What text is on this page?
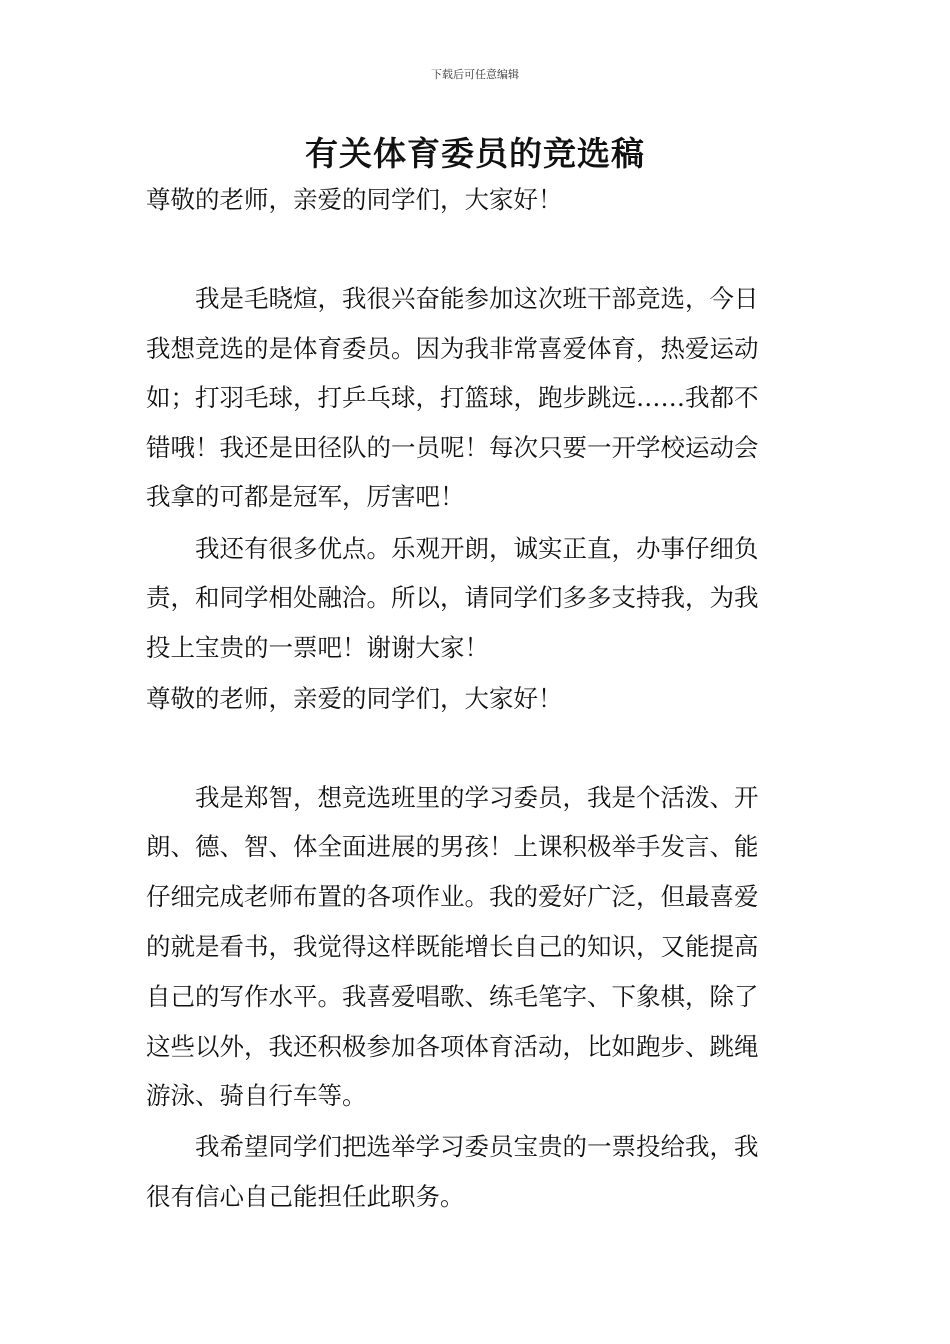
下载后可任意编辑
有关体育委员的竞选稿
尊敬的老师，亲爱的同学们，大家好！
　　我是毛晓煊，我很兴奋能参加这次班干部竞选，今日
我想竞选的是体育委员。因为我非常喜爱体育，热爱运动
如；打羽毛球，打乒乓球，打篮球，跑步跳远……我都不
错哦！我还是田径队的一员呢！每次只要一开学校运动会
我拿的可都是冠军，厉害吧！
　　我还有很多优点。乐观开朗，诚实正直，办事仔细负
责，和同学相处融洽。所以，请同学们多多支持我，为我
投上宝贵的一票吧！谢谢大家！
尊敬的老师，亲爱的同学们，大家好！
　　我是郑智，想竞选班里的学习委员，我是个活泼、开
朗、德、智、体全面进展的男孩！上课积极举手发言、能
仔细完成老师布置的各项作业。我的爱好广泛，但最喜爱
的就是看书，我觉得这样既能增长自己的知识，又能提高
自己的写作水平。我喜爱唱歌、练毛笔字、下象棋，除了
这些以外，我还积极参加各项体育活动，比如跑步、跳绳
游泳、骑自行车等。
　　我希望同学们把选举学习委员宝贵的一票投给我，我
很有信心自己能担任此职务。
